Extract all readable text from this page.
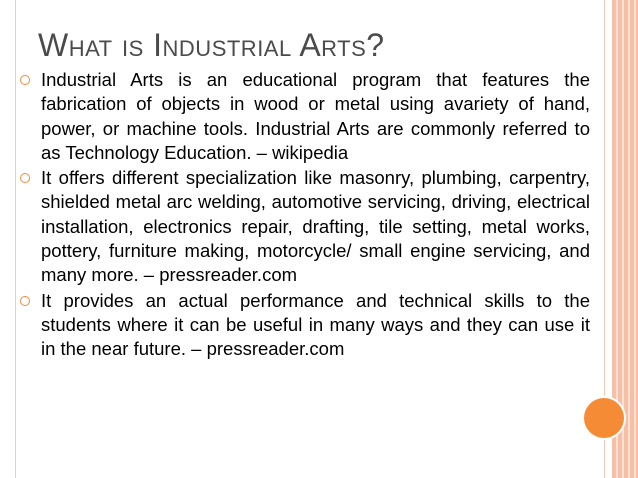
What is Industrial Arts?
Industrial Arts is an educational program that features the fabrication of objects in wood or metal using avariety of hand, power, or machine tools. Industrial Arts are commonly referred to as Technology Education. – wikipedia
It offers different specialization like masonry, plumbing, carpentry, shielded metal arc welding, automotive servicing, driving, electrical installation, electronics repair, drafting, tile setting, metal works, pottery, furniture making, motorcycle/ small engine servicing, and many more. – pressreader.com
It provides an actual performance and technical skills to the students where it can be useful in many ways and they can use it in the near future. – pressreader.com
